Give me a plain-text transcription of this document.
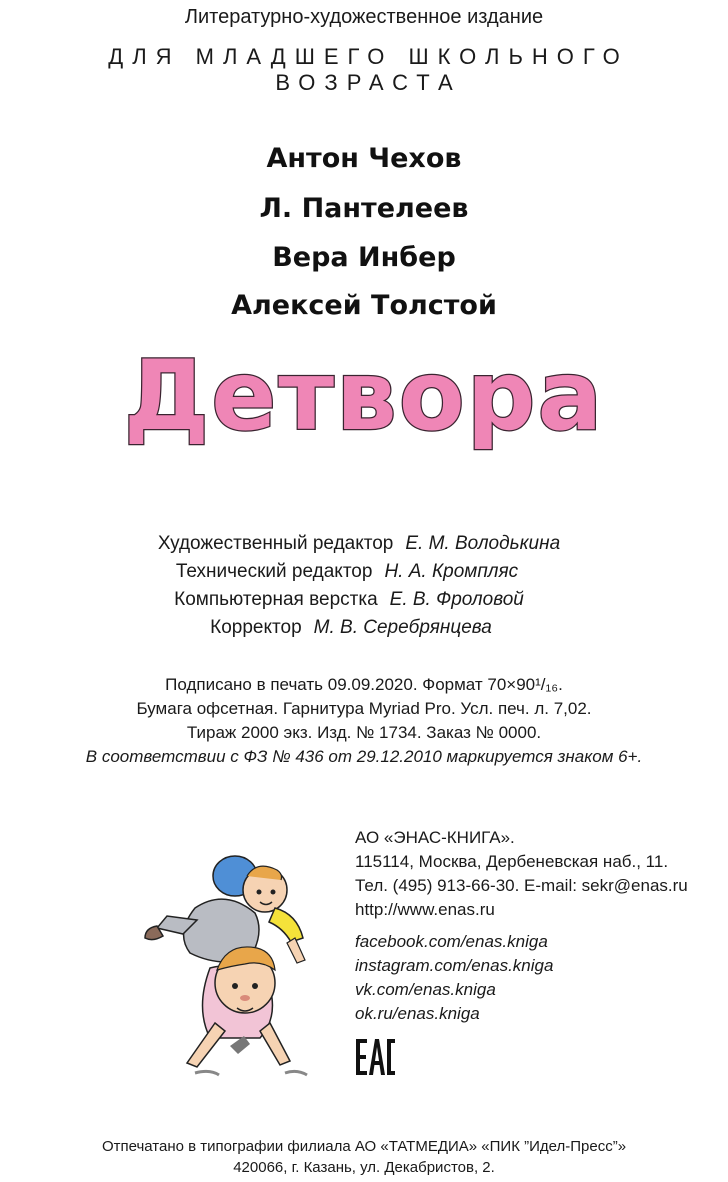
Литературно-художественное издание
ДЛЯ МЛАДШЕГО ШКОЛЬНОГО ВОЗРАСТА
Антон Чехов
Л. Пантелеев
Вера Инбер
Алексей Толстой
Детвора
Художественный редактор Е. М. Володькина
Технический редактор Н. А. Кромпляс
Компьютерная верстка Е. В. Фроловой
Корректор М. В. Серебрянцева
Подписано в печать 09.09.2020. Формат 70×90¹/₁₆.
Бумага офсетная. Гарнитура Myriad Pro. Усл. печ. л. 7,02.
Тираж 2000 экз. Изд. № 1734. Заказ № 0000.
В соответствии с ФЗ № 436 от 29.12.2010 маркируется знаком 6+.
АО «ЭНАС-КНИГА».
115114, Москва, Дербеневская наб., 11.
Тел. (495) 913-66-30. E-mail: sekr@enas.ru
http://www.enas.ru
facebook.com/enas.kniga
instagram.com/enas.kniga
vk.com/enas.kniga
ok.ru/enas.kniga
Отпечатано в типографии филиала АО «ТАТМЕДИА» «ПИК ”Идел-Пресс”»
420066, г. Казань, ул. Декабристов, 2.
